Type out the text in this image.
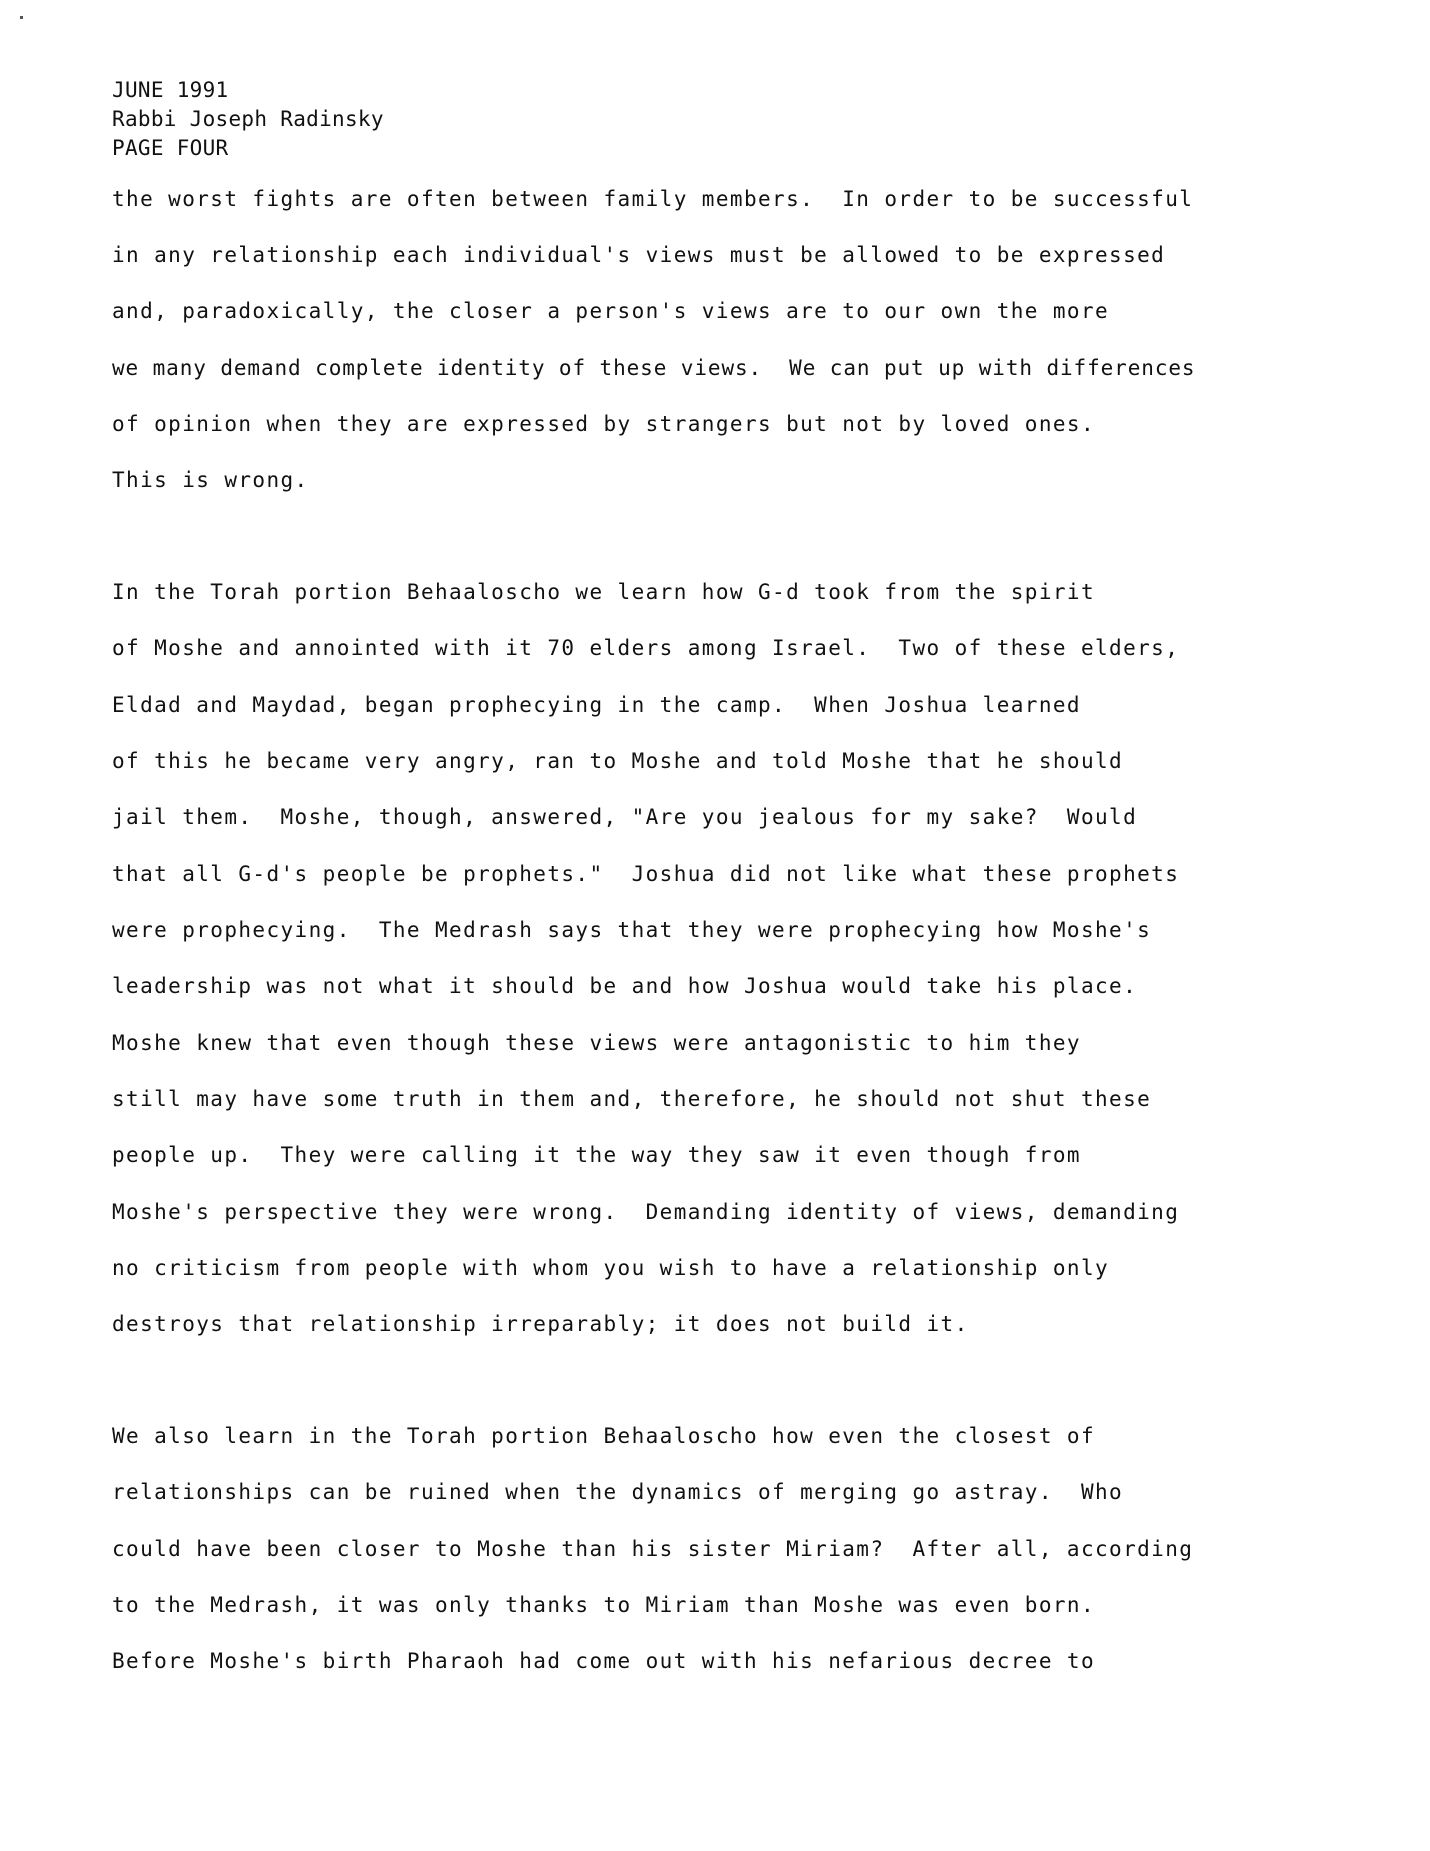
JUNE 1991
Rabbi Joseph Radinsky
PAGE FOUR
the worst fights are often between family members.  In order to be successful
in any relationship each individual's views must be allowed to be expressed
and, paradoxically, the closer a person's views are to our own the more
we many demand complete identity of these views.  We can put up with differences
of opinion when they are expressed by strangers but not by loved ones.
This is wrong.
In the Torah portion Behaaloscho we learn how G-d took from the spirit
of Moshe and annointed with it 70 elders among Israel.  Two of these elders,
Eldad and Maydad, began prophecying in the camp.  When Joshua learned
of this he became very angry, ran to Moshe and told Moshe that he should
jail them.  Moshe, though, answered, "Are you jealous for my sake?  Would
that all G-d's people be prophets."  Joshua did not like what these prophets
were prophecying.  The Medrash says that they were prophecying how Moshe's
leadership was not what it should be and how Joshua would take his place.
Moshe knew that even though these views were antagonistic to him they
still may have some truth in them and, therefore, he should not shut these
people up.  They were calling it the way they saw it even though from
Moshe's perspective they were wrong.  Demanding identity of views, demanding
no criticism from people with whom you wish to have a relationship only
destroys that relationship irreparably; it does not build it.
We also learn in the Torah portion Behaaloscho how even the closest of
relationships can be ruined when the dynamics of merging go astray.  Who
could have been closer to Moshe than his sister Miriam?  After all, according
to the Medrash, it was only thanks to Miriam than Moshe was even born.
Before Moshe's birth Pharaoh had come out with his nefarious decree to
